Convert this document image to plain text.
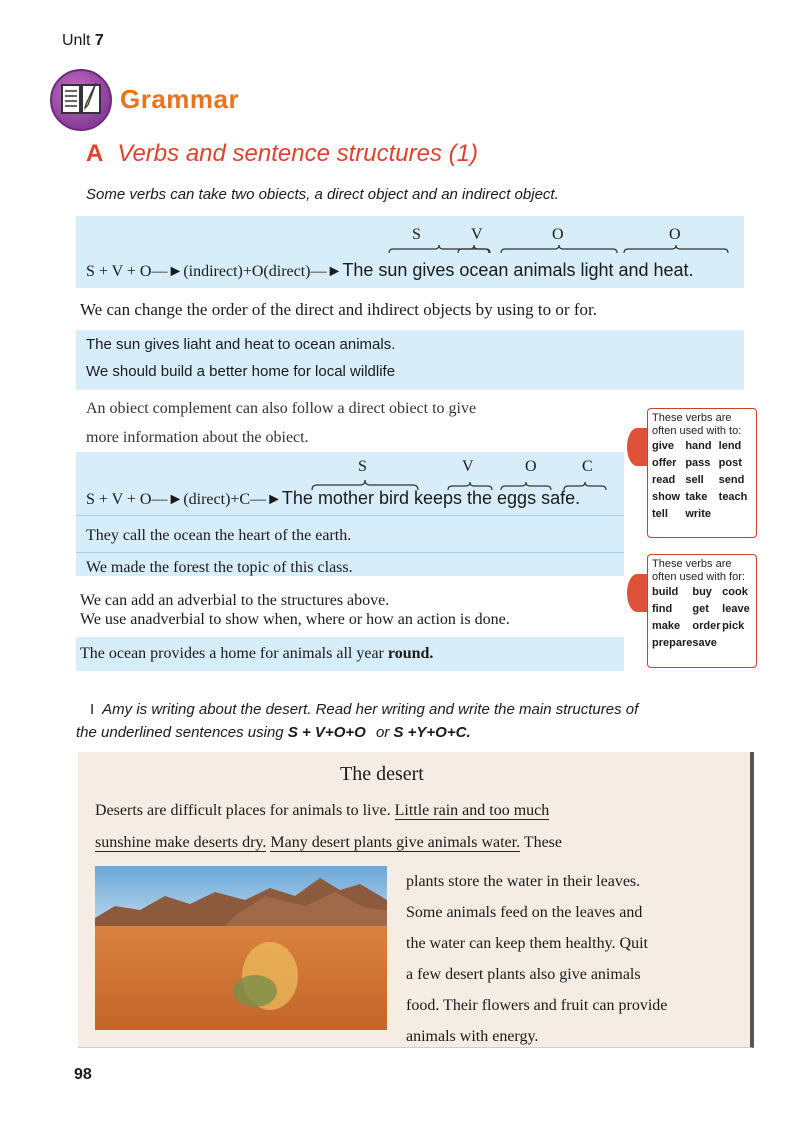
Unlt 7
Grammar
A Verbs and sentence structures (1)
Some verbs can take two obiects, a direct object and an indirect object.
S	V	O	O
S + V + O—►(indirect)+O(direct)—►The sun gives ocean animals light and heat.
We can change the order of the direct and ihdirect objects by using to or for.
The sun gives liaht and heat to ocean animals.
We should build a better home for local wildlife
An obiect complement can also follow a direct obiect to give
more information about the obiect.
S	V	O	C
S + V + O—►(direct)+C—►The mother bird keeps the eggs safe.
They call the ocean the heart of the earth.
We made the forest the topic of this class.
We can add an adverbial to the structures above.
We use anadverbial to show when, where or how an action is done.
The ocean provides a home for animals all year round.
These verbs are often used with to:
give	hand lend
offer pass post
read sell	send
show take	teach
tell	write
These verbs are often used with for:
build	buy cook
find	get	leave
make	order pick
prepare save
I Amy is writing about the desert. Read her writing and write the main structures of
the underlined sentences using S + V+O+O or S +Y+O+C.
The desert
Deserts are difficult places for animals to live. Little rain and too much
sunshine make deserts dry. Many desert plants give animals water. These
plants store the water in their leaves.
Some animals feed on the leaves and
the water can keep them healthy. Quit
a few desert plants also give animals
food. Their flowers and fruit can provide
animals with energy.
98
